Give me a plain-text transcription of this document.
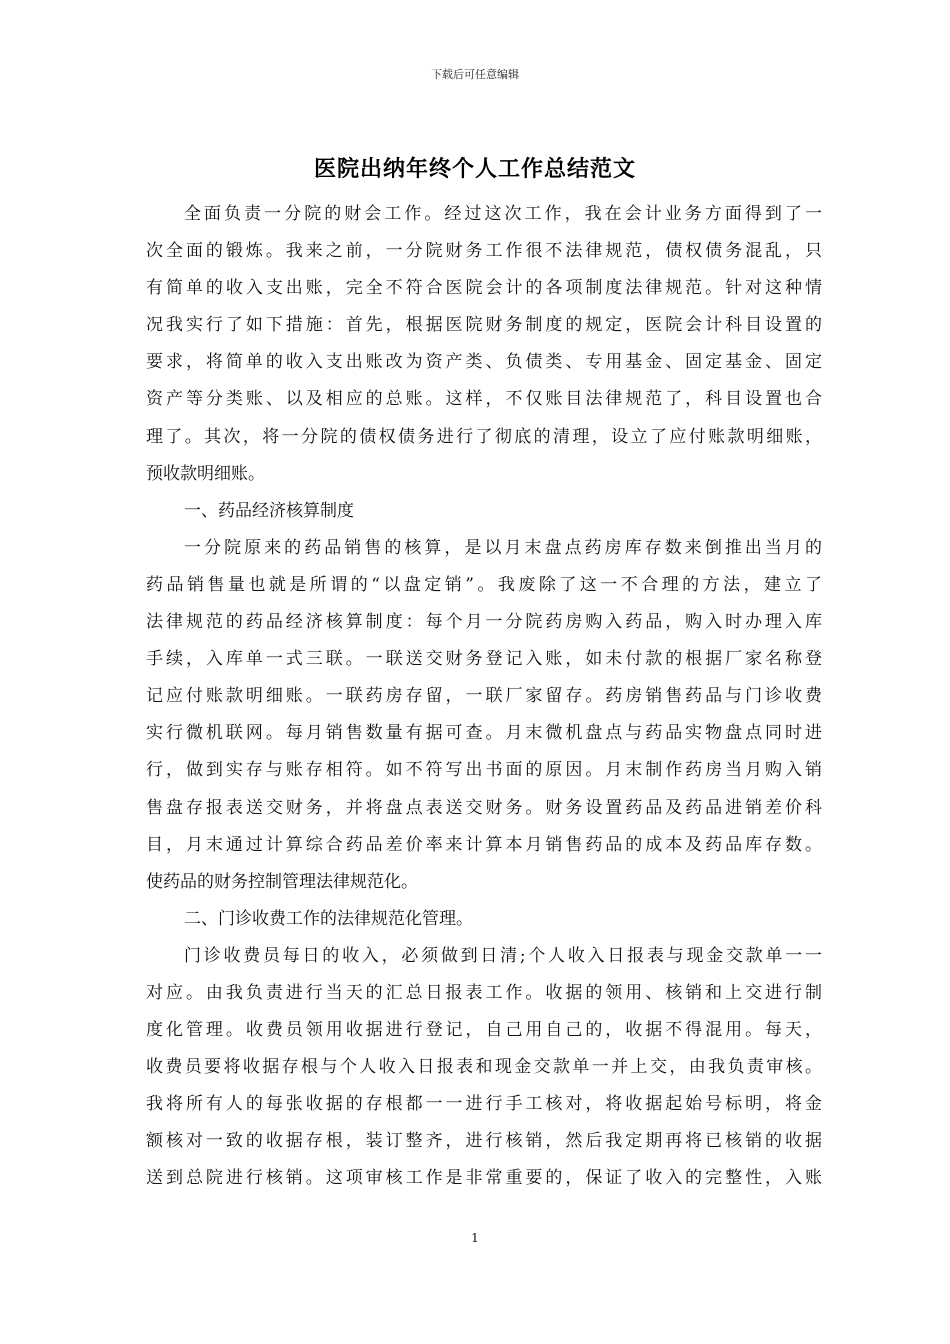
下载后可任意编辑
医院出纳年终个人工作总结范文
全面负责一分院的财会工作。经过这次工作，我在会计业务方面得到了一
次全面的锻炼。我来之前，一分院财务工作很不法律规范，债权债务混乱，只
有简单的收入支出账，完全不符合医院会计的各项制度法律规范。针对这种情
况我实行了如下措施：首先，根据医院财务制度的规定，医院会计科目设置的
要求，将简单的收入支出账改为资产类、负债类、专用基金、固定基金、固定
资产等分类账、以及相应的总账。这样，不仅账目法律规范了，科目设置也合
理了。其次，将一分院的债权债务进行了彻底的清理，设立了应付账款明细账，
预收款明细账。
一、药品经济核算制度
一分院原来的药品销售的核算，是以月末盘点药房库存数来倒推出当月的
药品销售量也就是所谓的“以盘定销”。我废除了这一不合理的方法，建立了
法律规范的药品经济核算制度：每个月一分院药房购入药品，购入时办理入库
手续，入库单一式三联。一联送交财务登记入账，如未付款的根据厂家名称登
记应付账款明细账。一联药房存留，一联厂家留存。药房销售药品与门诊收费
实行微机联网。每月销售数量有据可查。月末微机盘点与药品实物盘点同时进
行，做到实存与账存相符。如不符写出书面的原因。月末制作药房当月购入销
售盘存报表送交财务，并将盘点表送交财务。财务设置药品及药品进销差价科
目，月末通过计算综合药品差价率来计算本月销售药品的成本及药品库存数。
使药品的财务控制管理法律规范化。
二、门诊收费工作的法律规范化管理。
门诊收费员每日的收入，必须做到日清;个人收入日报表与现金交款单一一
对应。由我负责进行当天的汇总日报表工作。收据的领用、核销和上交进行制
度化管理。收费员领用收据进行登记，自己用自己的，收据不得混用。每天，
收费员要将收据存根与个人收入日报表和现金交款单一并上交，由我负责审核。
我将所有人的每张收据的存根都一一进行手工核对，将收据起始号标明，将金
额核对一致的收据存根，装订整齐，进行核销，然后我定期再将已核销的收据
送到总院进行核销。这项审核工作是非常重要的，保证了收入的完整性，入账
1
